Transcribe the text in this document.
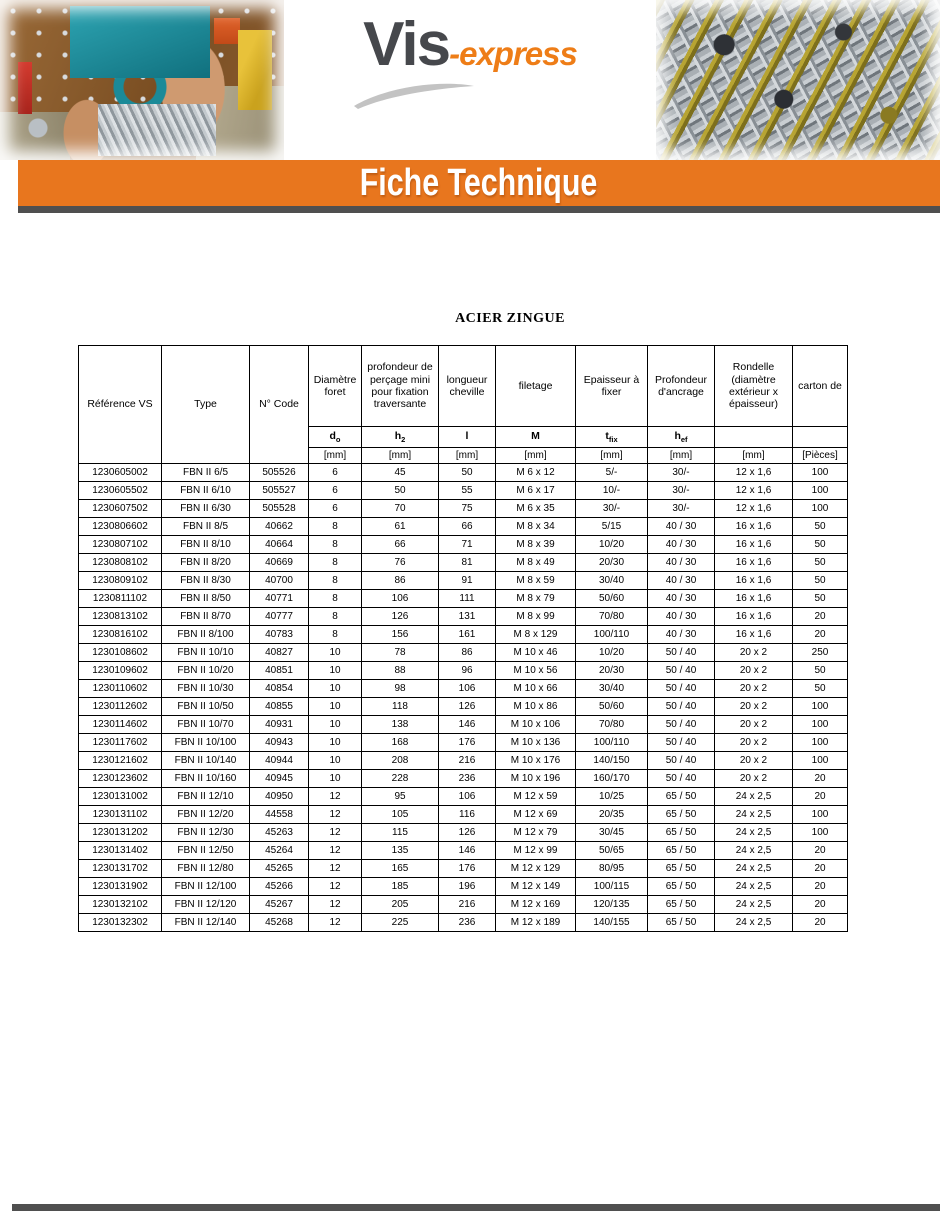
Vis -express
Fiche Technique
ACIER ZINGUE
Référence VS	Type	N° Code	Diamètre foret	profondeur de perçage mini pour fixation traversante	longueur cheville	filetage	Epaisseur à fixer	Profondeur d'ancrage	Rondelle (diamètre extérieur x épaisseur)	carton de
			$d_o$	$h_2$	l	M	$t_{fix}$	$h_{ef}$		
			[mm]	[mm]	[mm]	[mm]	[mm]	[mm]	[mm]	[Pièces]
1230605002	FBN II 6/5	505526	6	45	50	M 6 x 12	5/-	30/-	12 x 1,6	100
1230605502	FBN II 6/10	505527	6	50	55	M 6 x 17	10/-	30/-	12 x 1,6	100
1230607502	FBN II 6/30	505528	6	70	75	M 6 x 35	30/-	30/-	12 x 1,6	100
1230806602	FBN II 8/5	40662	8	61	66	M 8 x 34	5/15	40 / 30	16 x 1,6	50
1230807102	FBN II 8/10	40664	8	66	71	M 8 x 39	10/20	40 / 30	16 x 1,6	50
1230808102	FBN II 8/20	40669	8	76	81	M 8 x 49	20/30	40 / 30	16 x 1,6	50
1230809102	FBN II 8/30	40700	8	86	91	M 8 x 59	30/40	40 / 30	16 x 1,6	50
1230811102	FBN II 8/50	40771	8	106	111	M 8 x 79	50/60	40 / 30	16 x 1,6	50
1230813102	FBN II 8/70	40777	8	126	131	M 8 x 99	70/80	40 / 30	16 x 1,6	20
1230816102	FBN II 8/100	40783	8	156	161	M 8 x 129	100/110	40 / 30	16 x 1,6	20
1230108602	FBN II 10/10	40827	10	78	86	M 10 x 46	10/20	50 / 40	20 x 2	250
1230109602	FBN II 10/20	40851	10	88	96	M 10 x 56	20/30	50 / 40	20 x 2	50
1230110602	FBN II 10/30	40854	10	98	106	M 10 x 66	30/40	50 / 40	20 x 2	50
1230112602	FBN II 10/50	40855	10	118	126	M 10 x 86	50/60	50 / 40	20 x 2	100
1230114602	FBN II 10/70	40931	10	138	146	M 10 x 106	70/80	50 / 40	20 x 2	100
1230117602	FBN II 10/100	40943	10	168	176	M 10 x 136	100/110	50 / 40	20 x 2	100
1230121602	FBN II 10/140	40944	10	208	216	M 10 x 176	140/150	50 / 40	20 x 2	100
1230123602	FBN II 10/160	40945	10	228	236	M 10 x 196	160/170	50 / 40	20 x 2	20
1230131002	FBN II 12/10	40950	12	95	106	M 12 x 59	10/25	65 / 50	24 x 2,5	20
1230131102	FBN II 12/20	44558	12	105	116	M 12 x 69	20/35	65 / 50	24 x 2,5	100
1230131202	FBN II 12/30	45263	12	115	126	M 12 x 79	30/45	65 / 50	24 x 2,5	100
1230131402	FBN II 12/50	45264	12	135	146	M 12 x 99	50/65	65 / 50	24 x 2,5	20
1230131702	FBN II 12/80	45265	12	165	176	M 12 x 129	80/95	65 / 50	24 x 2,5	20
1230131902	FBN II 12/100	45266	12	185	196	M 12 x 149	100/115	65 / 50	24 x 2,5	20
1230132102	FBN II 12/120	45267	12	205	216	M 12 x 169	120/135	65 / 50	24 x 2,5	20
1230132302	FBN II 12/140	45268	12	225	236	M 12 x 189	140/155	65 / 50	24 x 2,5	20
